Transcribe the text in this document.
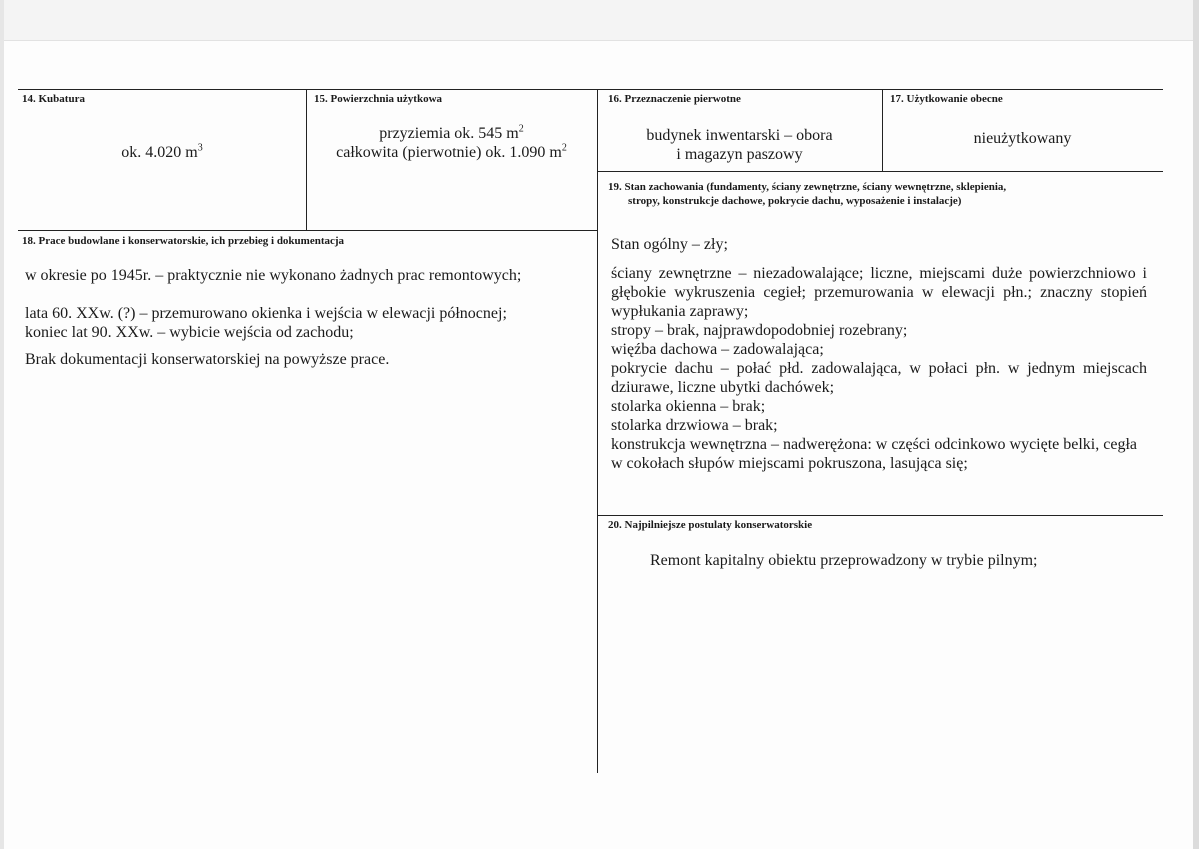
14. Kubatura
ok. 4.020 $m^3$
15. Powierzchnia użytkowa
przyziemia ok. 545 $m^2$
całkowita (pierwotnie) ok. 1.090 $m^2$
16. Przeznaczenie pierwotne
budynek inwentarski – obora
i magazyn paszowy
17. Użytkowanie obecne
nieużytkowany
18. Prace budowlane i konserwatorskie, ich przebieg i dokumentacja

w okresie po 1945r. – praktycznie nie wykonano żadnych prac remontowych;

lata 60. XXw. (?) – przemurowano okienka i wejścia w elewacji północnej;

koniec lat 90. XXw. – wybicie wejścia od zachodu;

Brak dokumentacji konserwatorskiej na powyższe prace.

19. Stan zachowania (fundamenty, ściany zewnętrzne, ściany wewnętrzne, sklepienia,
stropy, konstrukcje dachowe, pokrycie dachu, wyposażenie i instalacje)

Stan ogólny – zły;

ściany zewnętrzne – niezadowalające; liczne, miejscami duże powierzchniowo i głębokie wykruszenia cegieł; przemurowania w elewacji płn.; znaczny stopień wypłukania zaprawy;

stropy – brak, najprawdopodobniej rozebrany;

więźba dachowa – zadowalająca;

pokrycie dachu – połać płd. zadowalająca, w połaci płn. w jednym miejscach dziurawe, liczne ubytki dachówek;

stolarka okienna – brak;

stolarka drzwiowa – brak;

konstrukcja wewnętrzna – nadwerężona: w części odcinkowo wycięte belki, cegła w cokołach słupów miejscami pokruszona, lasująca się;

20. Najpilniejsze postulaty konserwatorskie
Remont kapitalny obiektu przeprowadzony w trybie pilnym;
